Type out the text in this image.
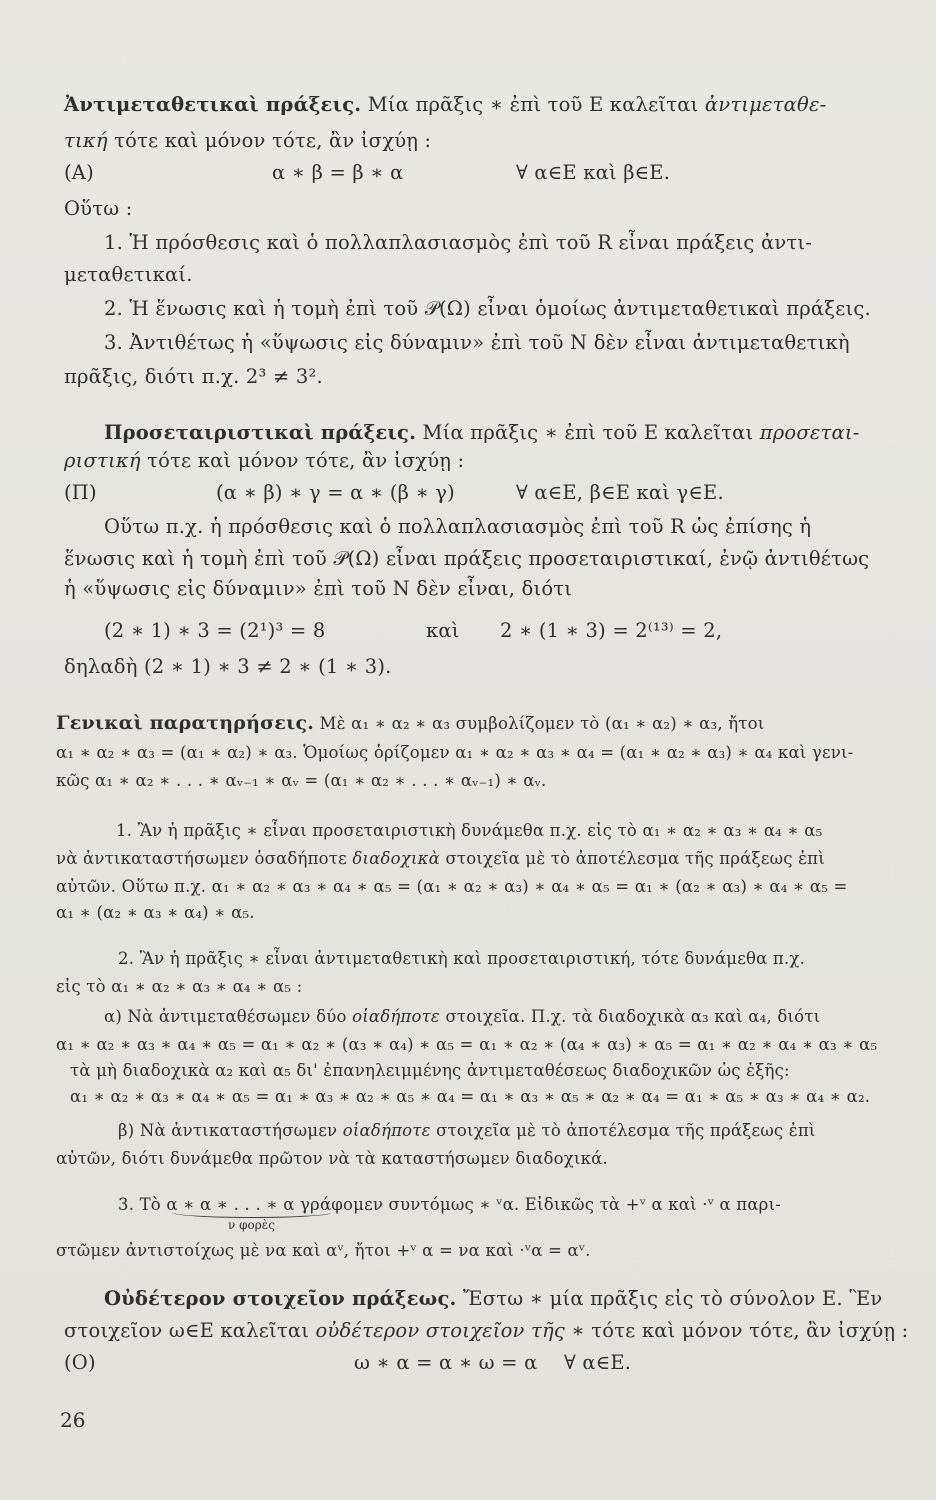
Ἀντιμεταθετικαὶ πράξεις. Μία πρᾶξις ∗ ἐπὶ τοῦ Ε καλεῖται ἀντιμεταθε-
τική τότε καὶ μόνον τότε, ἂν ἰσχύῃ :
(Α)	α ∗ β = β ∗ α	∀ α∈Ε καὶ β∈Ε.
Οὕτω :
1. Ἡ πρόσθεσις καὶ ὁ πολλαπλασιασμὸς ἐπὶ τοῦ R εἶναι πράξεις ἀντι-
μεταθετικαί.
2. Ἡ ἕνωσις καὶ ἡ τομὴ ἐπὶ τοῦ 𝒫(Ω) εἶναι ὁμοίως ἀντιμεταθετικαὶ πράξεις.
3. Ἀντιθέτως ἡ «ὕψωσις εἰς δύναμιν» ἐπὶ τοῦ Ν δὲν εἶναι ἀντιμεταθετικὴ
πρᾶξις, διότι π.χ. 2³ ≠ 3².
Προσεταιριστικαὶ πράξεις. Μία πρᾶξις ∗ ἐπὶ τοῦ Ε καλεῖται προσεται-
ριστική τότε καὶ μόνον τότε, ἂν ἰσχύῃ :
(Π)	(α ∗ β) ∗ γ = α ∗ (β ∗ γ)	∀ α∈Ε, β∈Ε καὶ γ∈Ε.
Οὕτω π.χ. ἡ πρόσθεσις καὶ ὁ πολλαπλασιασμὸς ἐπὶ τοῦ R ὡς ἐπίσης ἡ
ἕνωσις καὶ ἡ τομὴ ἐπὶ τοῦ 𝒫(Ω) εἶναι πράξεις προσεταιριστικαί, ἐνῷ ἀντιθέτως
ἡ «ὕψωσις εἰς δύναμιν» ἐπὶ τοῦ Ν δὲν εἶναι, διότι
(2 ∗ 1) ∗ 3 = (2¹)³ = 8	καὶ 2 ∗ (1 ∗ 3) = 2⁽¹³⁾ = 2,
δηλαδὴ (2 ∗ 1) ∗ 3 ≠ 2 ∗ (1 ∗ 3).
Γενικαὶ παρατηρήσεις. Μὲ α₁ ∗ α₂ ∗ α₃ συμβολίζομεν τὸ (α₁ ∗ α₂) ∗ α₃, ἤτοι
α₁ ∗ α₂ ∗ α₃ = (α₁ ∗ α₂) ∗ α₃. Ὁμοίως ὁρίζομεν α₁ ∗ α₂ ∗ α₃ ∗ α₄ = (α₁ ∗ α₂ ∗ α₃) ∗ α₄ καὶ γενι-
κῶς α₁ ∗ α₂ ∗ . . . ∗ αᵥ₋₁ ∗ αᵥ = (α₁ ∗ α₂ ∗ . . . ∗ αᵥ₋₁) ∗ αᵥ.
1. Ἂν ἡ πρᾶξις ∗ εἶναι προσεταιριστικὴ δυνάμεθα π.χ. εἰς τὸ α₁ ∗ α₂ ∗ α₃ ∗ α₄ ∗ α₅
νὰ ἀντικαταστήσωμεν ὁσαδήποτε διαδοχικὰ στοιχεῖα μὲ τὸ ἀποτέλεσμα τῆς πράξεως ἐπὶ
αὐτῶν. Οὕτω π.χ. α₁ ∗ α₂ ∗ α₃ ∗ α₄ ∗ α₅ = (α₁ ∗ α₂ ∗ α₃) ∗ α₄ ∗ α₅ = α₁ ∗ (α₂ ∗ α₃) ∗ α₄ ∗ α₅ =
α₁ ∗ (α₂ ∗ α₃ ∗ α₄) ∗ α₅.
2. Ἂν ἡ πρᾶξις ∗ εἶναι ἀντιμεταθετικὴ καὶ προσεταιριστική, τότε δυνάμεθα π.χ.
εἰς τὸ α₁ ∗ α₂ ∗ α₃ ∗ α₄ ∗ α₅ :
α) Νὰ ἀντιμεταθέσωμεν δύο οἱαδήποτε στοιχεῖα. Π.χ. τὰ διαδοχικὰ α₃ καὶ α₄, διότι
α₁ ∗ α₂ ∗ α₃ ∗ α₄ ∗ α₅ = α₁ ∗ α₂ ∗ (α₃ ∗ α₄) ∗ α₅ = α₁ ∗ α₂ ∗ (α₄ ∗ α₃) ∗ α₅ = α₁ ∗ α₂ ∗ α₄ ∗ α₃ ∗ α₅
τὰ μὴ διαδοχικὰ α₂ καὶ α₅ δι' ἐπανηλειμμένης ἀντιμεταθέσεως διαδοχικῶν ὡς ἑξῆς:
α₁ ∗ α₂ ∗ α₃ ∗ α₄ ∗ α₅ = α₁ ∗ α₃ ∗ α₂ ∗ α₅ ∗ α₄ = α₁ ∗ α₃ ∗ α₅ ∗ α₂ ∗ α₄ = α₁ ∗ α₅ ∗ α₃ ∗ α₄ ∗ α₂.
β) Νὰ ἀντικαταστήσωμεν οἱαδήποτε στοιχεῖα μὲ τὸ ἀποτέλεσμα τῆς πράξεως ἐπὶ
αὐτῶν, διότι δυνάμεθα πρῶτον νὰ τὰ καταστήσωμεν διαδοχικά.
3. Τὸ α ∗ α ∗ . . . ∗ α γράφομεν συντόμως ∗ ᵛα. Εἰδικῶς τὰ +ᵛ α καὶ ·ᵛ α παρι-
ν φορὲς
στῶμεν ἀντιστοίχως μὲ να καὶ αᵛ, ἤτοι +ᵛ α = να καὶ ·ᵛα = αᵛ.
Οὐδέτερον στοιχεῖον πράξεως. Ἔστω ∗ μία πρᾶξις εἰς τὸ σύνολον Ε. Ἓν
στοιχεῖον ω∈Ε καλεῖται οὐδέτερον στοιχεῖον τῆς ∗ τότε καὶ μόνον τότε, ἂν ἰσχύῃ :
(Ο)	ω ∗ α = α ∗ ω = α ∀ α∈Ε.
26
